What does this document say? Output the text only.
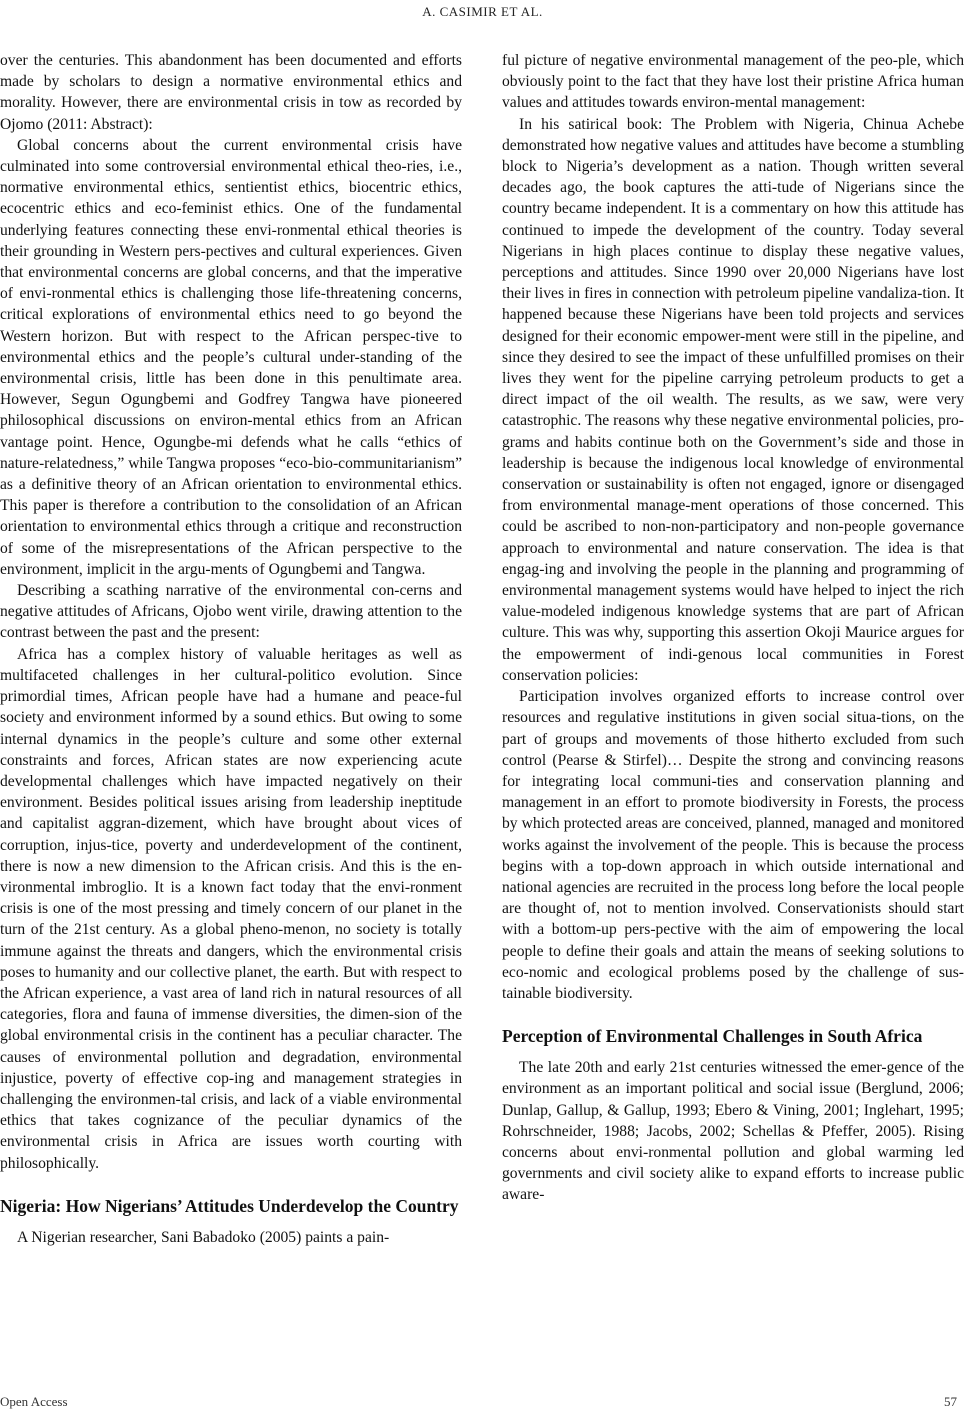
A. CASIMIR ET AL.

over the centuries. This abandonment has been documented and efforts made by scholars to design a normative environmental ethics and morality. However, there are environmental crisis in tow as recorded by Ojomo (2011: Abstract):

Global concerns about the current environmental crisis have culminated into some controversial environmental ethical theo-ries, i.e., normative environmental ethics, sentientist ethics, biocentric ethics, ecocentric ethics and eco-feminist ethics. One of the fundamental underlying features connecting these envi-ronmental ethical theories is their grounding in Western pers-pectives and cultural experiences. Given that environmental concerns are global concerns, and that the imperative of envi-ronmental ethics is challenging those life-threatening concerns, critical explorations of environmental ethics need to go beyond the Western horizon. But with respect to the African perspec-tive to environmental ethics and the people’s cultural under-standing of the environmental crisis, little has been done in this penultimate area. However, Segun Ogungbemi and Godfrey Tangwa have pioneered philosophical discussions on environ-mental ethics from an African vantage point. Hence, Ogungbe-mi defends what he calls “ethics of nature-relatedness,” while Tangwa proposes “eco-bio-communitarianism” as a definitive theory of an African orientation to environmental ethics. This paper is therefore a contribution to the consolidation of an African orientation to environmental ethics through a critique and reconstruction of some of the misrepresentations of the African perspective to the environment, implicit in the argu-ments of Ogungbemi and Tangwa.

Describing a scathing narrative of the environmental con-cerns and negative attitudes of Africans, Ojobo went virile, drawing attention to the contrast between the past and the present:

Africa has a complex history of valuable heritages as well as multifaceted challenges in her cultural-politico evolution. Since primordial times, African people have had a humane and peace-ful society and environment informed by a sound ethics. But owing to some internal dynamics in the people’s culture and some other external constraints and forces, African states are now experiencing acute developmental challenges which have impacted negatively on their environment. Besides political issues arising from leadership ineptitude and capitalist aggran-dizement, which have brought about vices of corruption, injus-tice, poverty and underdevelopment of the continent, there is now a new dimension to the African crisis. And this is the en-vironmental imbroglio. It is a known fact today that the envi-ronment crisis is one of the most pressing and timely concern of our planet in the turn of the 21st century. As a global pheno-menon, no society is totally immune against the threats and dangers, which the environmental crisis poses to humanity and our collective planet, the earth. But with respect to the African experience, a vast area of land rich in natural resources of all categories, flora and fauna of immense diversities, the dimen-sion of the global environmental crisis in the continent has a peculiar character. The causes of environmental pollution and degradation, environmental injustice, poverty of effective cop-ing and management strategies in challenging the environmen-tal crisis, and lack of a viable environmental ethics that takes cognizance of the peculiar dynamics of the environmental crisis in Africa are issues worth courting with philosophically.

Nigeria: How Nigerians’ Attitudes Underdevelop the Country

A Nigerian researcher, Sani Babadoko (2005) paints a pain-

ful picture of negative environmental management of the peo-ple, which obviously point to the fact that they have lost their pristine Africa human values and attitudes towards environ-mental management:

In his satirical book: The Problem with Nigeria, Chinua Achebe demonstrated how negative values and attitudes have become a stumbling block to Nigeria’s development as a nation. Though written several decades ago, the book captures the atti-tude of Nigerians since the country became independent. It is a commentary on how this attitude has continued to impede the development of the country. Today several Nigerians in high places continue to display these negative values, perceptions and attitudes. Since 1990 over 20,000 Nigerians have lost their lives in fires in connection with petroleum pipeline vandaliza-tion. It happened because these Nigerians have been told projects and services designed for their economic empower-ment were still in the pipeline, and since they desired to see the impact of these unfulfilled promises on their lives they went for the pipeline carrying petroleum products to get a direct impact of the oil wealth. The results, as we saw, were very catastrophic. The reasons why these negative environmental policies, pro-grams and habits continue both on the Government’s side and those in leadership is because the indigenous local knowledge of environmental conservation or sustainability is often not engaged, ignore or disengaged from environmental manage-ment operations of those concerned. This could be ascribed to non-non-participatory and non-people governance approach to environmental and nature conservation. The idea is that engag-ing and involving the people in the planning and programming of environmental management systems would have helped to inject the rich value-modeled indigenous knowledge systems that are part of African culture. This was why, supporting this assertion Okoji Maurice argues for the empowerment of indi-genous local communities in Forest conservation policies:

Participation involves organized efforts to increase control over resources and regulative institutions in given social situa-tions, on the part of groups and movements of those hitherto excluded from such control (Pearse & Stirfel)… Despite the strong and convincing reasons for integrating local communi-ties and conservation planning and management in an effort to promote biodiversity in Forests, the process by which protected areas are conceived, planned, managed and monitored works against the involvement of the people. This is because the process begins with a top-down approach in which outside international and national agencies are recruited in the process long before the local people are thought of, not to mention involved. Conservationists should start with a bottom-up pers-pective with the aim of empowering the local people to define their goals and attain the means of seeking solutions to eco-nomic and ecological problems posed by the challenge of sus-tainable biodiversity.

Perception of Environmental Challenges in South Africa

The late 20th and early 21st centuries witnessed the emer-gence of the environment as an important political and social issue (Berglund, 2006; Dunlap, Gallup, & Gallup, 1993; Ebero & Vining, 2001; Inglehart, 1995; Rohrschneider, 1988; Jacobs, 2002; Schellas & Pfeffer, 2005). Rising concerns about envi-ronmental pollution and global warming led governments and civil society alike to expand efforts to increase public aware-

Open Access	57
